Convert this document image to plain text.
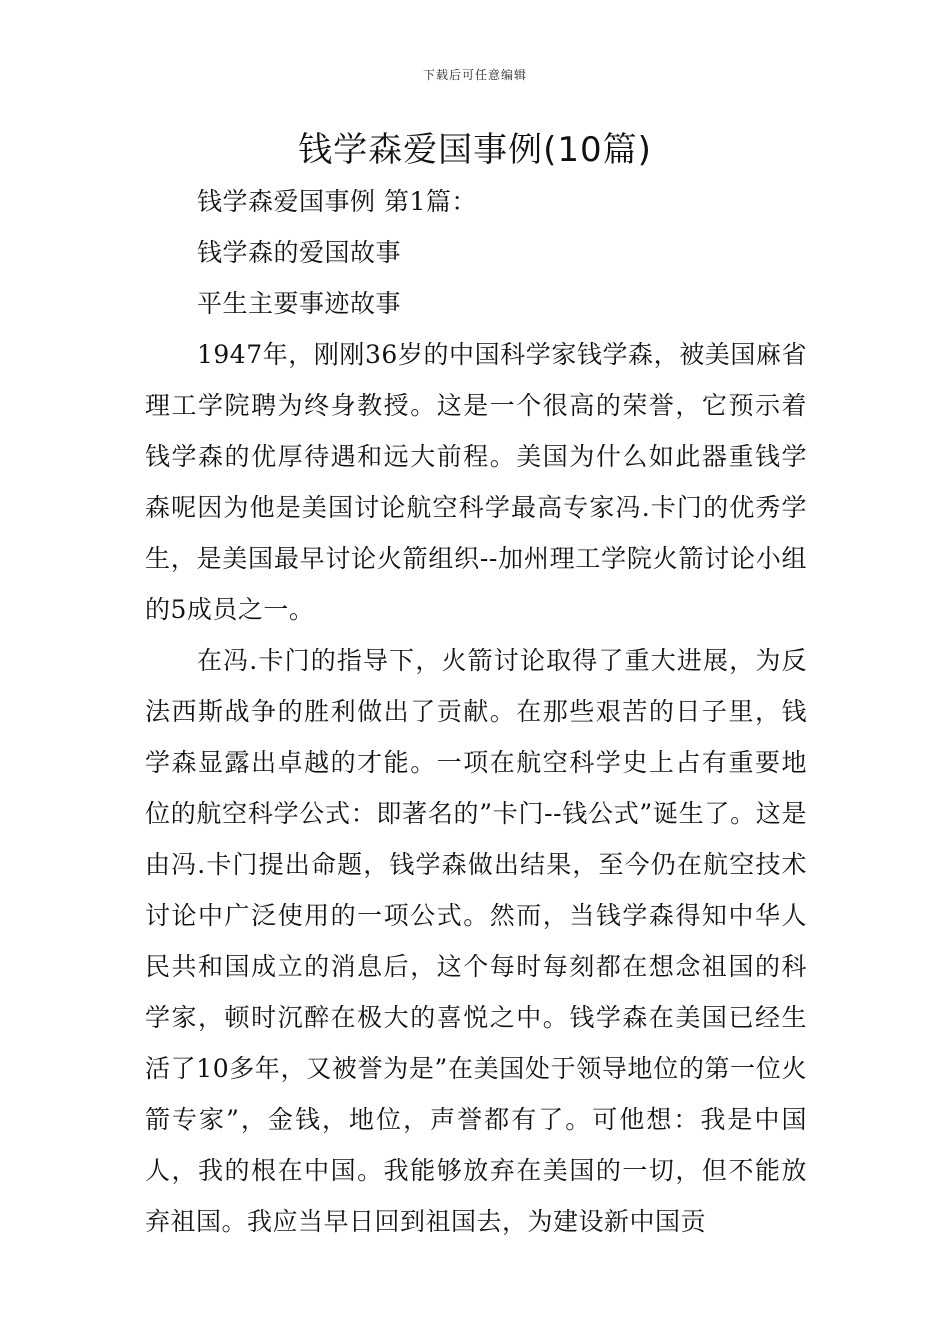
下载后可任意编辑
钱学森爱国事例(10篇)

钱学森爱国事例 第1篇：

钱学森的爱国故事

平生主要事迹故事

1947年，刚刚36岁的中国科学家钱学森，被美国麻省理工学院聘为终身教授。这是一个很高的荣誉，它预示着钱学森的优厚待遇和远大前程。美国为什么如此器重钱学森呢因为他是美国讨论航空科学最高专家冯.卡门的优秀学生，是美国最早讨论火箭组织--加州理工学院火箭讨论小组的5成员之一。

在冯.卡门的指导下，火箭讨论取得了重大进展，为反法西斯战争的胜利做出了贡献。在那些艰苦的日子里，钱学森显露出卓越的才能。一项在航空科学史上占有重要地位的航空科学公式：即著名的”卡门--钱公式”诞生了。这是由冯.卡门提出命题，钱学森做出结果，至今仍在航空技术讨论中广泛使用的一项公式。然而，当钱学森得知中华人民共和国成立的消息后，这个每时每刻都在想念祖国的科学家，顿时沉醉在极大的喜悦之中。钱学森在美国已经生活了10多年，又被誉为是”在美国处于领导地位的第一位火箭专家”，金钱，地位，声誉都有了。可他想：我是中国人，我的根在中国。我能够放弃在美国的一切，但不能放弃祖国。我应当早日回到祖国去，为建设新中国贡
